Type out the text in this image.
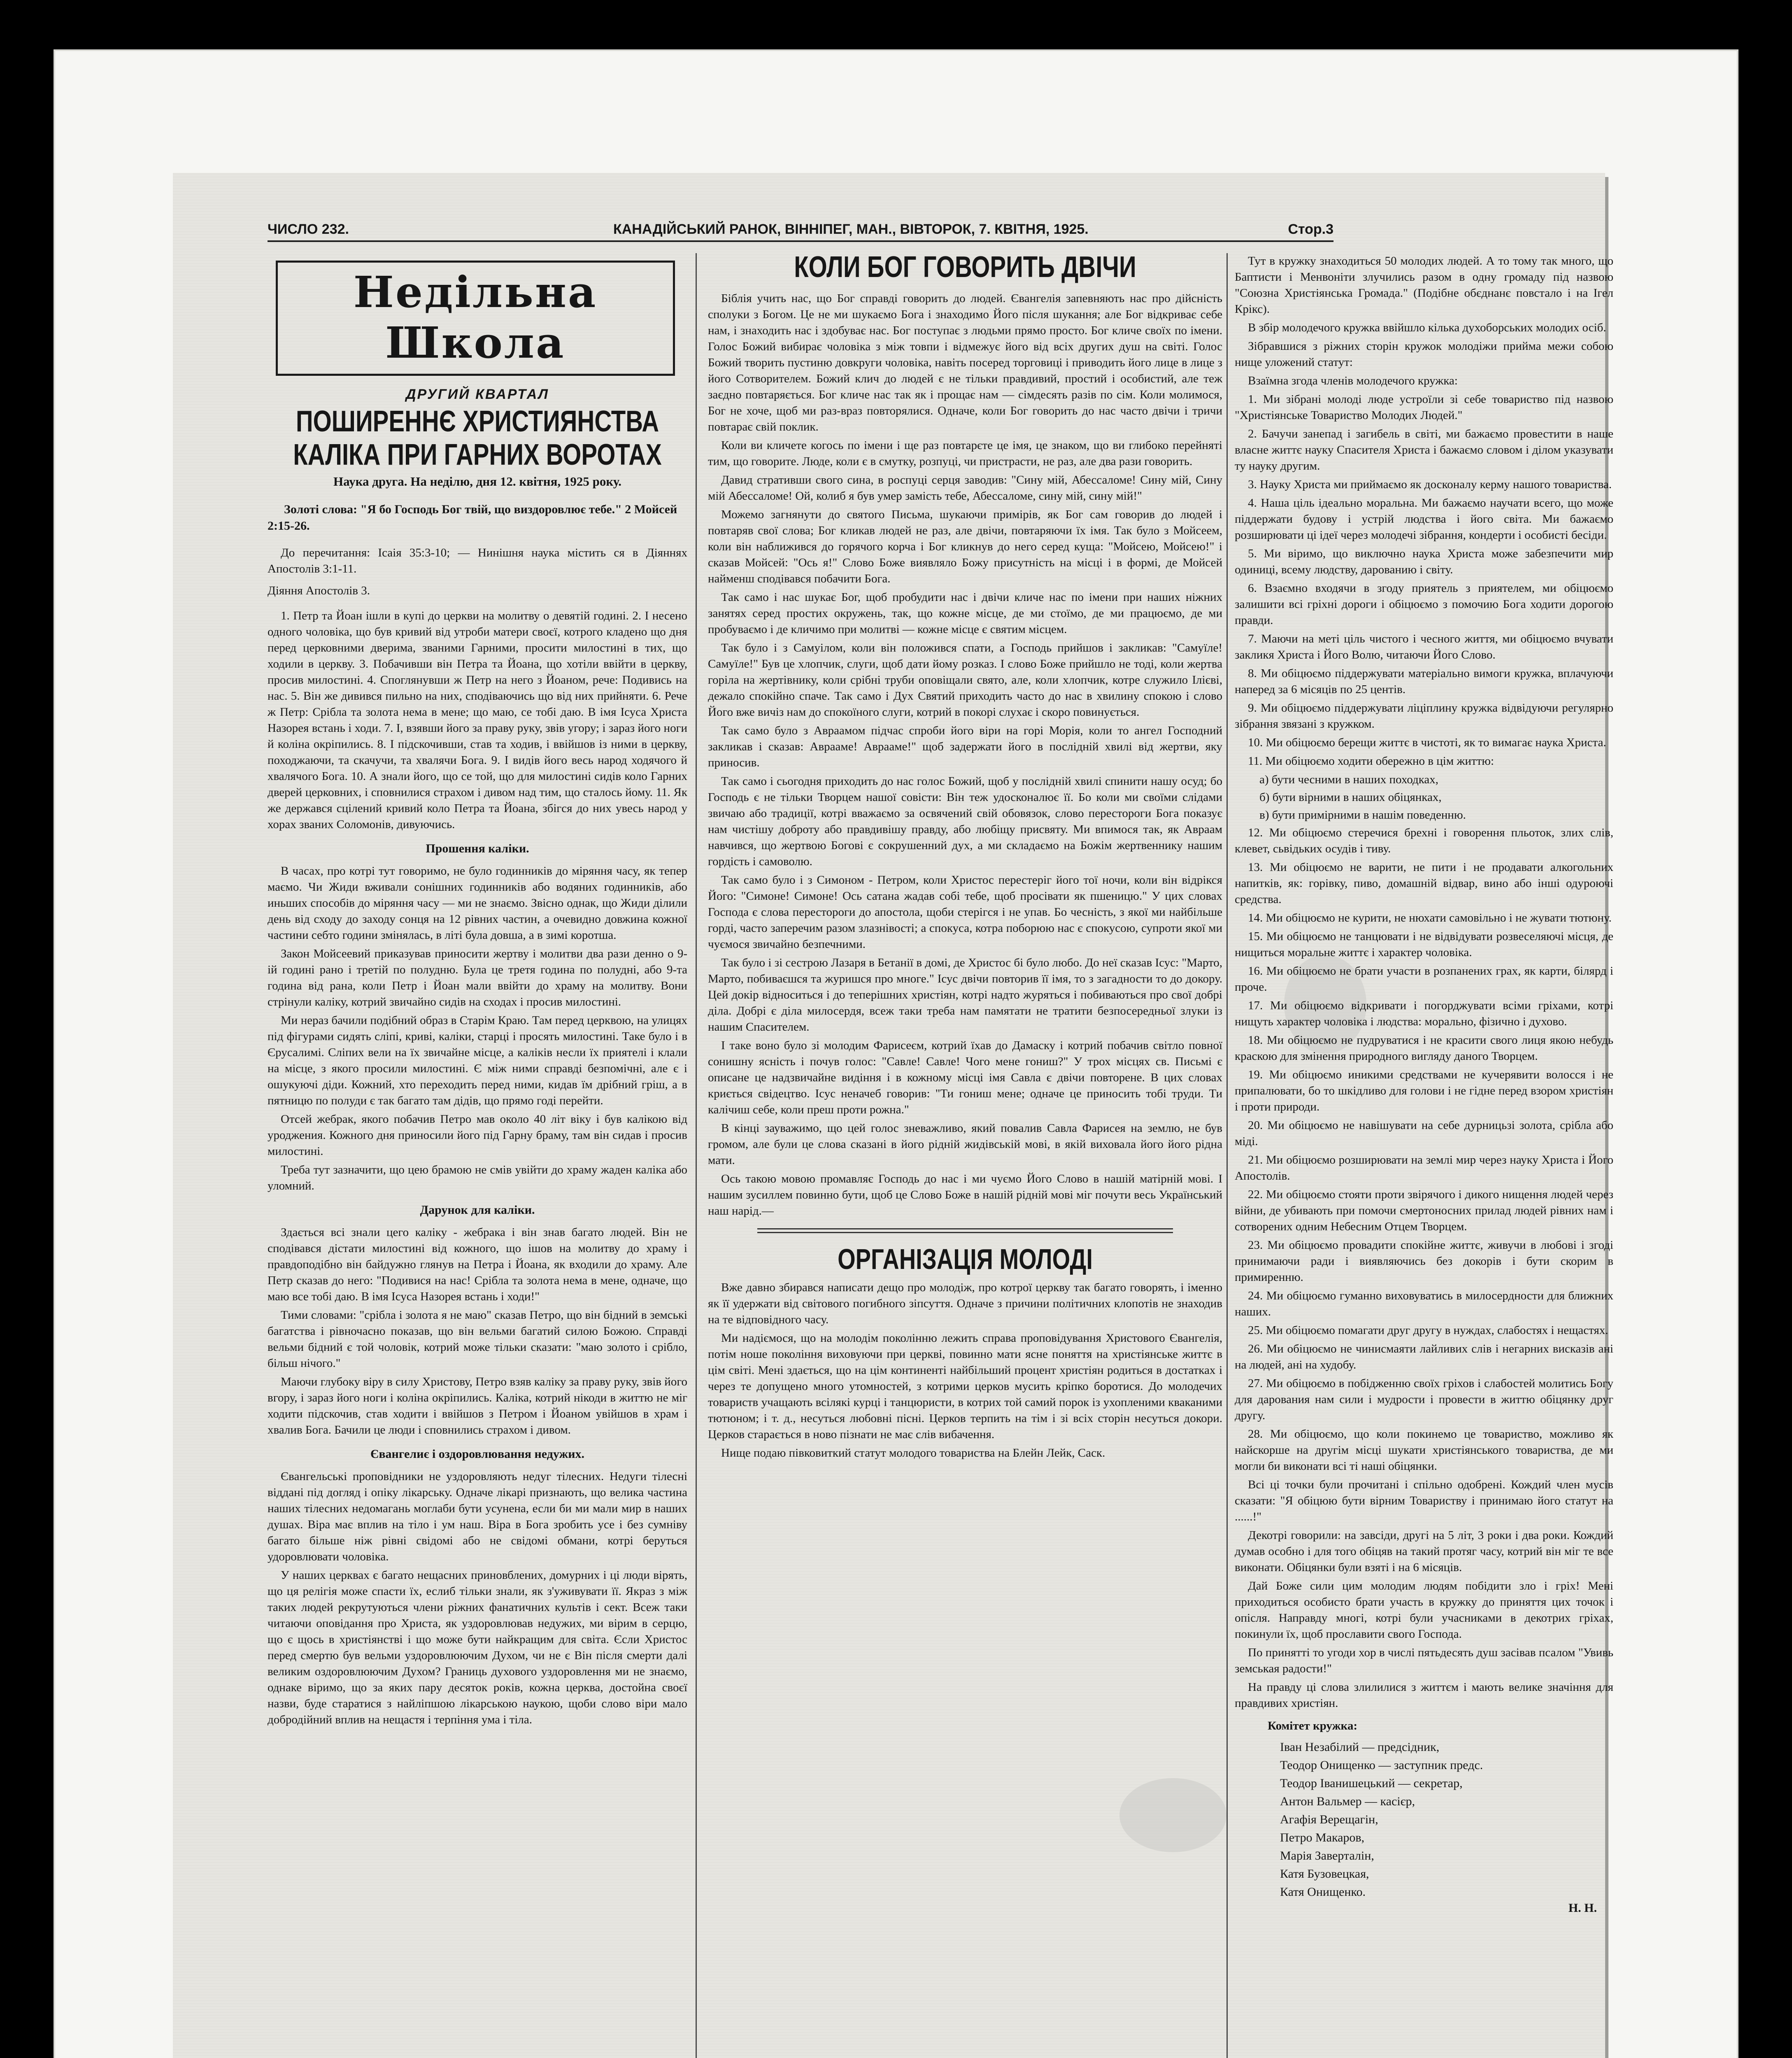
ЧИСЛО 232.	КАНАДІЙСЬКИЙ РАНОК, ВІННІПЕГ, МАН., ВІВТОРОК, 7. КВІТНЯ, 1925.	Стор.3
Недільна Школа
ДРУГИЙ КВАРТАЛ
ПОШИРЕННЄ ХРИСТИЯНСТВА
КАЛІКА ПРИ ГАРНИХ ВОРОТАХ
Наука друга. На неділю, дня 12. квітня, 1925 року.

Золоті слова: "Я бо Господь Бог твій, що виздоровлює тебе." 2 Мойсей 2:15-26.

До перечитання: Ісаія 35:3-10; — Нинішня наука містить ся в Діяннях Апостолів 3:1-11.

Діяння Апостолів 3.

1. Петр та Йоан ішли в купі до церкви на молитву о девятій годині. 2. І несено одного чоловіка, що був кривий від утроби матери своєї, котрого кладено що дня перед церковними дверима, званими Гарними, просити милостині в тих, що ходили в церкву. 3. Побачивши він Петра та Йоана, що хотіли ввійти в церкву, просив милостині. 4. Споглянувши ж Петр на него з Йоаном, рече: Подивись на нас. 5. Він же дивився пильно на них, сподіваючись що від них прийняти. 6. Рече ж Петр: Срібла та золота нема в мене; що маю, се тобі даю. В імя Ісуса Христа Назорея встань і ходи. 7. І, взявши його за праву руку, звів угору; і зараз його ноги й коліна окріпились. 8. І підскочивши, став та ходив, і ввійшов із ними в церкву, походжаючи, та скачучи, та хвалячи Бога. 9. І видів його весь народ ходячого й хвалячого Бога. 10. А знали його, що се той, що для милостині сидів коло Гарних дверей церковних, і сповнилися страхом і дивом над тим, що сталось йому. 11. Як же держався сцілений кривий коло Петра та Йоана, збігся до них увесь народ у хорах званих Соломонів, дивуючись.

Прошення каліки.

В часах, про котрі тут говоримо, не було годинників до міряння часу, як тепер маємо. Чи Жиди вживали сонішних годинників або водяних годинників, або иньших способів до міряння часу — ми не знаємо. Звісно однак, що Жиди ділили день від сходу до заходу сонця на 12 рівних частин, а очевидно довжина кожної частини себто години змінялась, в літі була довша, а в зимі коротша.

Закон Мойсеевий приказував приносити жертву і молитви два рази денно о 9-ій годині рано і третій по полудню. Була це третя година по полудні, або 9-та година від рана, коли Петр і Йоан мали ввійти до храму на молитву. Вони стрінули каліку, котрий звичайно сидів на сходах і просив милостині.

Ми нераз бачили подібний образ в Старім Краю. Там перед церквою, на улицях під фігурами сидять сліпі, криві, каліки, старці і просять милостині. Таке було і в Єрусалимі. Сліпих вели на їх звичайне місце, а каліків несли їх приятелі і клали на місце, з якого просили милостині. Є між ними справді безпомічні, але є і ошукуючі діди. Кожний, хто переходить перед ними, кидав їм дрібний гріш, а в пятницю по полуди є так багато там дідів, що прямо годі перейти.

Отсей жебрак, якого побачив Петро мав около 40 літ віку і був калікою від уроджения. Кожного дня приносили його під Гарну браму, там він сидав і просив милостині.

Треба тут зазначити, що цею брамою не смів увійти до храму жаден каліка або уломний.

Дарунок для каліки.

Здається всі знали цего каліку - жебрака і він знав багато людей. Він не сподівався дістати милостині від кожного, що ішов на молитву до храму і правдоподібно він байдужно глянув на Петра і Йоана, як входили до храму. Але Петр сказав до него: "Подивися на нас! Срібла та золота нема в мене, одначе, що маю все тобі даю. В імя Ісуса Назорея встань і ходи!"

Тими словами: "срібла і золота я не маю" сказав Петро, що він бідний в земські багатства і рівночасно показав, що він вельми багатий силою Божою. Справді вельми бідний є той чоловік, котрий може тільки сказати: "маю золото і срібло, більш нічого."

Маючи глубоку віру в силу Христову, Петро взяв каліку за праву руку, звів його вгору, і зараз його ноги і коліна окріпились. Каліка, котрий нікоди в життю не міг ходити підскочив, став ходити і ввійшов з Петром і Йоаном увійшов в храм і хвалив Бога. Бачили це люди і сповнились страхом і дивом.

Євангелиє і оздоровлювання недужих.

Євангельські проповідники не уздоровляють недуг тілесних. Недуги тілесні віддані під догляд і опіку лікарську. Одначе лікарі признають, що велика частина наших тілесних недомагань моглаби бути усунена, если би ми мали мир в наших душах. Віра має вплив на тіло і ум наш. Віра в Бога зробить усе і без сумніву багато більше ніж рівні свідомі або не свідомі обмани, котрі беруться удоровлювати чоловіка.

У наших церквах є багато нещасних приновблених, домурних і ці люди вірять, що ця релігія може спасти їх, еслиб тільки знали, як з'уживувати її. Якраз з між таких людей рекрутуються члени ріжних фанатичних культів і сект. Всеж таки читаючи оповідання про Христа, як уздоровлював недужих, ми вірим в серцю, що є щось в христіянстві і що може бути найкращим для світа. Єсли Христос перед смертю був вельми уздоровлюючим Духом, чи не є Він після смерти далі великим оздоровлюючим Духом? Границь духового уздоровлення ми не знаємо, однаке віримо, що за яких пару десяток років, кожна церква, достойна своєї назви, буде старатися з найліпшою лікарською наукою, щоби слово віри мало добродійний вплив на нещастя і терпіння ума і тіла.

КОЛИ БОГ ГОВОРИТЬ ДВІЧИ

Біблія учить нас, що Бог справді говорить до людей. Євангелія запевняють нас про дійсність сполуки з Богом. Це не ми шукаємо Бога і знаходимо Його після шукання; але Бог відкриває себе нам, і знаходить нас і здобуває нас. Бог поступає з людьми прямо просто. Бог кличе своїх по імени. Голос Божий вибирає чоловіка з між товпи і відмежує його від всіх других душ на світі. Голос Божий творить пустиню довкруги чоловіка, навіть посеред торговиці і приводить його лице в лице з його Сотворителем. Божий клич до людей є не тільки правдивий, простий і особистий, але теж заєдно повтаряється. Бог кличе нас так як і прощає нам — сімдесять разів по сім. Коли молимося, Бог не хоче, щоб ми раз-враз повторялися. Одначе, коли Бог говорить до нас часто двічи і тричи повтарає свій поклик.

Коли ви кличете когось по імени і ще раз повтарєте це імя, це знаком, що ви глибоко перейняті тим, що говорите. Люде, коли є в смутку, розпуці, чи пристрасти, не раз, але два рази говорить.

Давид стративши свого сина, в роспуці серця заводив: "Сину мій, Абессаломе! Сину мій, Сину мій Абессаломе! Ой, колиб я був умер замість тебе, Абессаломе, сину мій, сину мій!"

Можемо загнянути до святого Письма, шукаючи примірів, як Бог сам говорив до людей і повтаряв свої слова; Бог кликав людей не раз, але двічи, повтаряючи їх імя. Так було з Мойсеем, коли він наближився до горячого корча і Бог кликнув до него серед куща: "Мойсею, Мойсею!" і сказав Мойсей: "Ось я!" Слово Боже виявляло Божу присутність на місці і в формі, де Мойсей найменш сподівався побачити Бога.

Так само і нас шукає Бог, щоб пробудити нас і двічи кличе нас по імени при наших ніжних занятях серед простих окружень, так, що кожне місце, де ми стоїмо, де ми працюємо, де ми пробуваємо і де кличимо при молитві — кожне місце є святим місцем.

Так було і з Самуілом, коли він положився спати, а Господь прийшов і закликав: "Самуїле! Самуїле!" Був це хлопчик, слуги, щоб дати йому розказ. І слово Боже прийшло не тоді, коли жертва горіла на жертівнику, коли срібні труби оповіщали свято, але, коли хлопчик, котре служило Ілієві, дежало спокійно спаче. Так само і Дух Святий приходить часто до нас в хвилину спокою і слово Його вже вичіз нам до спокоїного слуги, котрий в покорі слухає і скоро повинується.

Так само було з Авраамом підчас спроби його віри на горі Морія, коли то ангел Господний закликав і сказав: Аврааме! Аврааме!" щоб задержати його в послідній хвилі від жертви, яку приносив.

Так само і сьогодня приходить до нас голос Божий, щоб у послідній хвилі спинити нашу осуд; бо Господь є не тільки Творцем нашої совісти: Він теж удосконалює її. Бо коли ми своїми слідами звичаю або традиції, котрі вважаємо за освячений свій обовязок, слово перестороги Бога показує нам чистішу доброту або правдивішу правду, або любіщу присвяту. Ми впимося так, як Авраам навчився, що жертвою Богові є сокрушенний дух, а ми складаємо на Божім жертвеннику нашим гордість і самоволю.

Так само було і з Симоном - Петром, коли Христос перестеріг його тої ночи, коли він відрікся Його: "Симоне! Симоне! Ось сатана жадав собі тебе, щоб просівати як пшеницю." У цих словах Господа є слова перестороги до апостола, щоби стерігся і не упав. Бо чесність, з якої ми найбільше горді, часто заперечим разом злазнівості; а спокуса, котра поборюю нас є спокусою, супроти якої ми чуємося звичайно безпечними.

Так було і зі сестрою Лазаря в Бетанії в домі, де Христос бі було любо. До неї сказав Ісус: "Марто, Марто, побиваєшся та журишся про многе." Ісус двічи повторив її імя, то з загадности то до докору. Цей докір відноситься і до теперішних христіян, котрі надто журяться і побиваються про свої добрі діла. Добрі є діла милосердя, всеж таки треба нам памятати не тратити безпосередньої злуки із нашим Спасителем.

І таке воно було зі молодим Фарисеєм, котрий їхав до Дамаску і котрий побачив світло повної сонишну ясність і почув голос: "Савле! Савле! Чого мене гониш?" У трох місцях св. Письмі є описане це надзвичайне видіння і в кожному місці імя Савла є двічи повторене. В цих словах криється свідецтво. Ісус неначеб говорив: "Ти гониш мене; одначе це приносить тобі труди. Ти калічиш себе, коли преш проти рожна."

В кінці зауважимо, що цей голос зневажливо, який повалив Савла Фарисея на землю, не був громом, але були це слова сказані в його рідній жидівській мові, в якій виховала його його рідна мати.

Ось такою мовою промавляє Господь до нас і ми чуємо Його Слово в нашій матірній мові. І нашим зусиллем повинно бути, щоб це Слово Боже в нашій рідній мові міг почути весь Український наш нарід.—

ОРГАНІЗАЦІЯ МОЛОДІ

Вже давно збирався написати дещо про молодіж, про котрої церкву так багато говорять, і іменно як її удержати від світового погибного зіпсуття. Одначе з причини політичних клопотів не знаходив на те відповідного часу.

Ми надіємося, що на молодім поколінню лежить справа проповідування Христового Євангелія, потім ноше покоління виховуючи при церкві, повинно мати ясне поняття на христіянське життє в цім світі. Мені здається, що на цім континенті найбільший процент христіян родиться в достатках і через те допущено много утомностей, з котрими церков мусить кріпко боротися. До молодечих товариств учащають всілякі курці і танцюристи, в котрих той самий порок із ухопленими кваканими тютюном; і т. д., несуться любовні пісні. Церков терпить на тім і зі всіх сторін несуться докори. Церков старається в ново пізнати не має слів вибачення.

Нище подаю півковиткий статут молодого товариства на Блейн Лейк, Саск.

Тут в кружку знаходиться 50 молодих людей. А то тому так много, що Баптисти і Менвоніти злучились разом в одну громаду під назвою "Союзна Христіянська Громада." (Подібне обєднанє повстало і на Ігел Крікс).

В збір молодечого кружка ввійшло кілька духоборських молодих осіб.

Зібравшися з ріжних сторін кружок молодіжи прийма межи собою нище уложений статут:

Взаїмна згода членів молодечого кружка:

1. Ми зібрані молоді люде устроїли зі себе товариство під назвою "Христіянське Товариство Молодих Людей."

2. Бачучи занепад і загибель в світі, ми бажаємо провестити в наше власне життє науку Спасителя Христа і бажаємо словом і ділом указувати ту науку другим.

3. Науку Христа ми приймаємо як досконалу керму нашого товариства.

4. Наша ціль ідеально моральна. Ми бажаємо научати всего, що може піддержати будову і устрій людства і його світа. Ми бажаємо розширювати ці ідеї через молодечі зібрання, кондерти і особисті бесіди.

5. Ми віримо, що виключно наука Христа може забезпечити мир одиниці, всему людству, дарованию і світу.

6. Взаємно входячи в згоду приятель з приятелем, ми обіцюємо залишити всі гріхні дороги і обіцюємо з помочию Бога ходити дорогою правди.

7. Маючи на меті ціль чистого і чесного життя, ми обіцюємо вчувати закликя Христа і Його Волю, читаючи Його Слово.

8. Ми обіцюємо піддержувати матеріально вимоги кружка, вплачуючи наперед за 6 місяців по 25 центів.

9. Ми обіцюємо піддержувати ліціплину кружка відвідуючи регулярно зібрання звязані з кружком.

10. Ми обіцюємо берещи життє в чистоті, як то вимагає наука Христа.

11. Ми обіцюємо ходити обережно в цім життю:

а) бути чесними в наших походках,
б) бути вірними в наших обіцянках,
в) бути примірними в нашім поведенню.

12. Ми обіцюємо стеречися брехні і говорення пльоток, злих слів, клевет, сьвідьких осудів і тиву.

13. Ми обіцюємо не варити, не пити і не продавати алкогольних напитків, як: горівку, пиво, домашній відвар, вино або інші одуроючі средства.

14. Ми обіцюємо не курити, не нюхати самовільно і не жувати тютюну.

15. Ми обіцюємо не танцювати і не відвідувати розвеселяючі місця, де нищиться моральне життє і характер чоловіка.

16. Ми обіцюємо не брати участи в розпанених грах, як карти, білярд і проче.

17. Ми обіцюємо відкривати і погорджувати всіми гріхами, котрі нищуть характер чоловіка і людства: морально, фізично і духово.

18. Ми обіцюємо не пудруватися і не красити свого лиця якою небудь краскою для змінення природного вигляду даного Творцем.

19. Ми обіцюємо иникими средствами не кучерявити волосся і не припалювати, бо то шкідливо для голови і не гідне перед взором христіян і проти природи.

20. Ми обіцюємо не навішувати на себе дурницьзі золота, срібла або міді.

21. Ми обіцюємо розширювати на землі мир через науку Христа і Його Апостолів.

22. Ми обіцюємо стояти проти звірячого і дикого нищення людей через війни, де убивають при помочи смертоносних прилад людей рівних нам і сотворених одним Небесним Отцем Творцем.

23. Ми обіцюємо провадити спокійне життє, живучи в любові і згоді принимаючи ради і виявляючись без докорів і бути скорим в примиренню.

24. Ми обіцюємо гуманно виховуватись в милосердности для ближних наших.

25. Ми обіцюємо помагати друг другу в нуждах, слабостях і нещастях.

26. Ми обіцюємо не чинисмаяти лайливих слів і негарних висказів ані на людей, ані на худобу.

27. Ми обіцюємо в побідженню своїх гріхов і слабостей молитись Богу для дарования нам сили і мудрости і провести в життю обіцянку друг другу.

28. Ми обіцюємо, що коли покинемо це товариство, можливо як найскорше на другім місці шукати христіянського товариства, де ми могли би виконати всі ті наші обіцянки.

Всі ці точки були прочитані і спільно одобрені. Кождий член мусів сказати: "Я обіцюю бути вірним Товариству і принимаю його статут на ......!"

Декотрі говорили: на завсіди, другі на 5 літ, 3 роки і два роки. Кождий думав особно і для того обіцяв на такий протяг часу, котрий він міг те все виконати. Обіцянки були взяті і на 6 місяців.

Дай Боже сили цим молодим людям побідити зло і гріх! Мені приходиться особисто брати участь в кружку до приняття цих точок і опісля. Направду многі, котрі були учасниками в декотрих гріхах, покинули їх, щоб прославити свого Господа.

По принятті то угоди хор в числі пятьдесять душ засівав псалом "Увивь земськая радости!"

На правду ці слова злилилися з життєм і мають велике значіння для правдивих христіян.

Комітет кружка:

Іван Незабілий — предсідник,
Теодор Онищенко — заступник предс.
Теодор Іванишецький — секретар,
Антон Вальмер — касієр,
Агафія Верещагін,
Петро Макаров,
Марія Заверталін,
Катя Бузовецкая,
Катя Онищенко.
Н. Н.
